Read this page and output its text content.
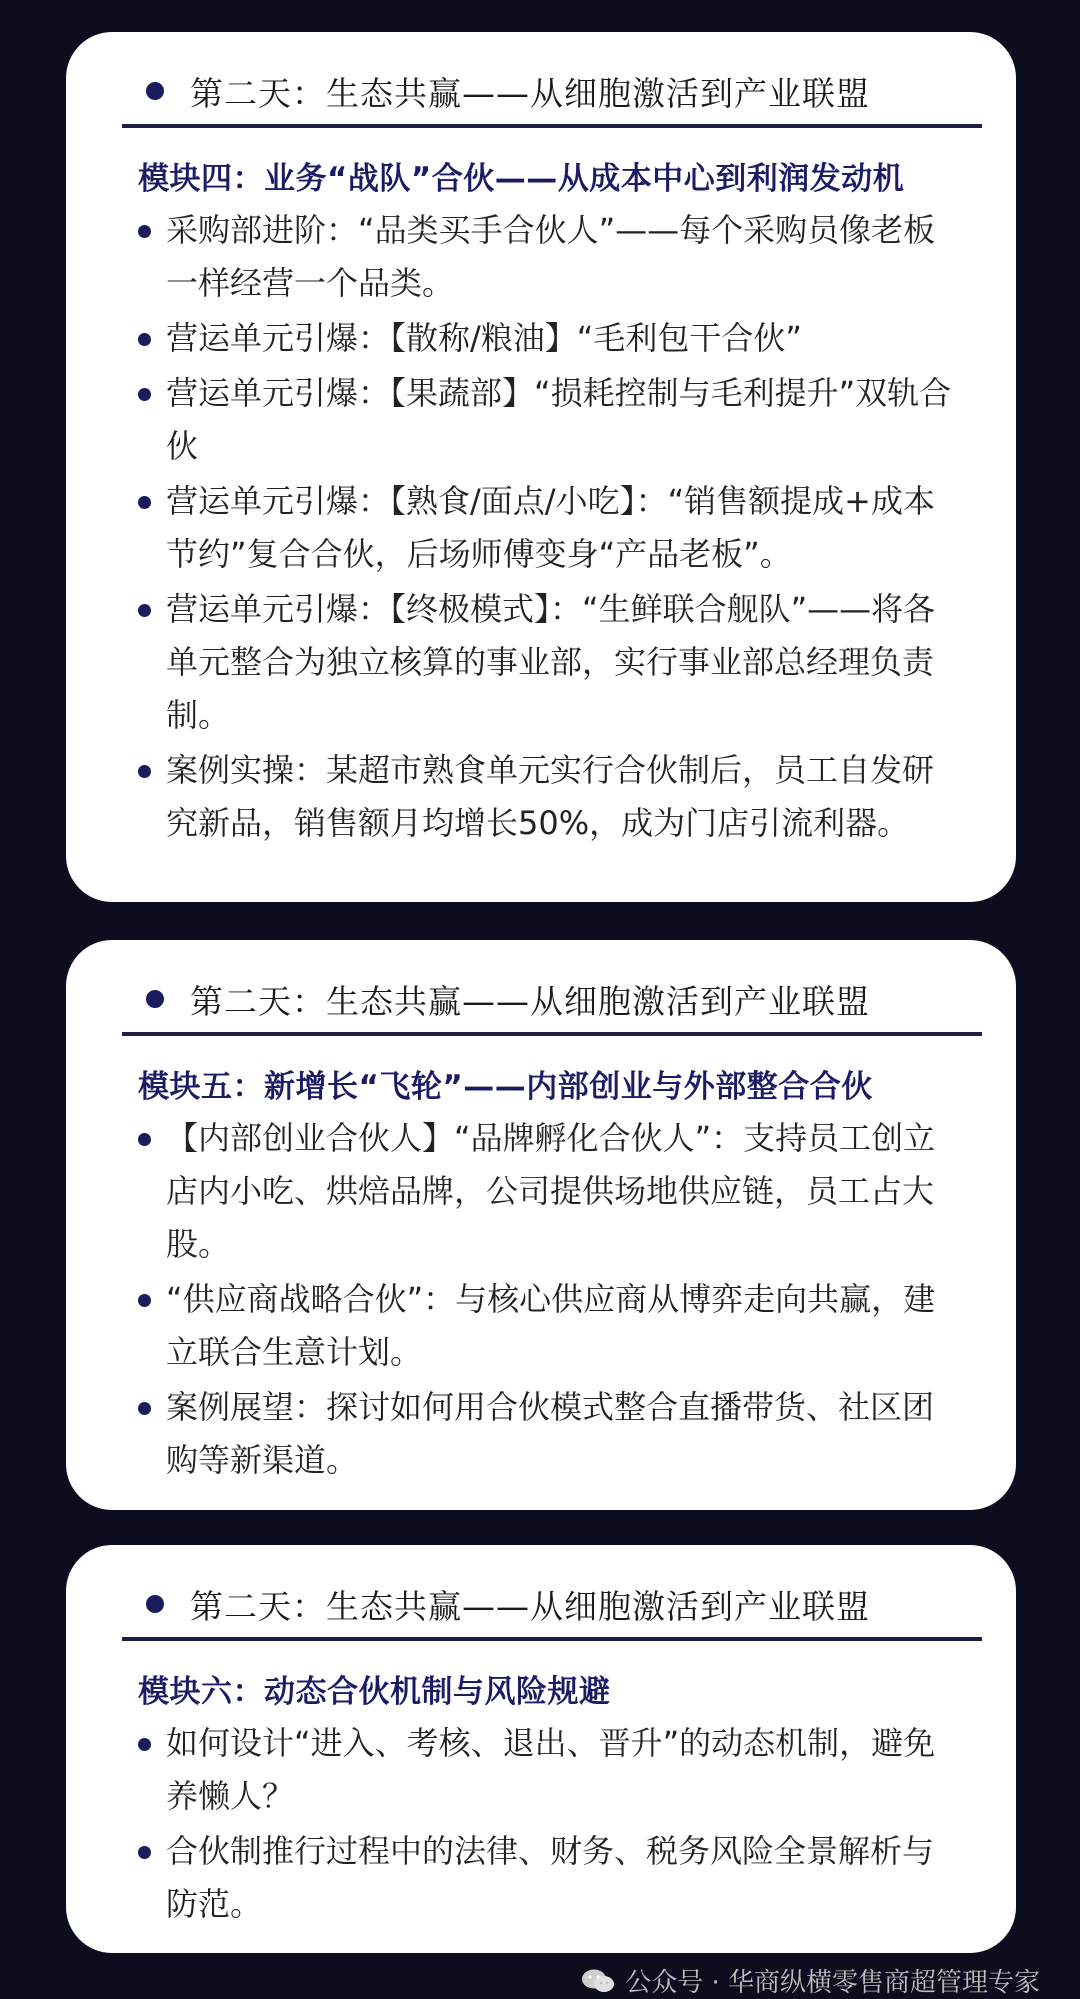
第二天：生态共赢——从细胞激活到产业联盟
模块四：业务“战队”合伙——从成本中心到利润发动机
采购部进阶：“品类买手合伙人”——每个采购员像老板一样经营一个品类。
营运单元引爆：【散称/粮油】“毛利包干合伙”
营运单元引爆：【果蔬部】“损耗控制与毛利提升”双轨合伙
营运单元引爆：【熟食/面点/小吃】：“销售额提成+成本节约”复合合伙，后场师傅变身“产品老板”。
营运单元引爆：【终极模式】：“生鲜联合舰队”——将各单元整合为独立核算的事业部，实行事业部总经理负责制。
案例实操：某超市熟食单元实行合伙制后，员工自发研究新品，销售额月均增长50%，成为门店引流利器。
第二天：生态共赢——从细胞激活到产业联盟
模块五：新增长“飞轮”——内部创业与外部整合合伙
【内部创业合伙人】“品牌孵化合伙人”：支持员工创立店内小吃、烘焙品牌，公司提供场地供应链，员工占大股。
“供应商战略合伙”：与核心供应商从博弈走向共赢，建立联合生意计划。
案例展望：探讨如何用合伙模式整合直播带货、社区团购等新渠道。
第二天：生态共赢——从细胞激活到产业联盟
模块六：动态合伙机制与风险规避
如何设计“进入、考核、退出、晋升”的动态机制，避免养懒人？
合伙制推行过程中的法律、财务、税务风险全景解析与防范。
公众号 · 华商纵横零售商超管理专家
